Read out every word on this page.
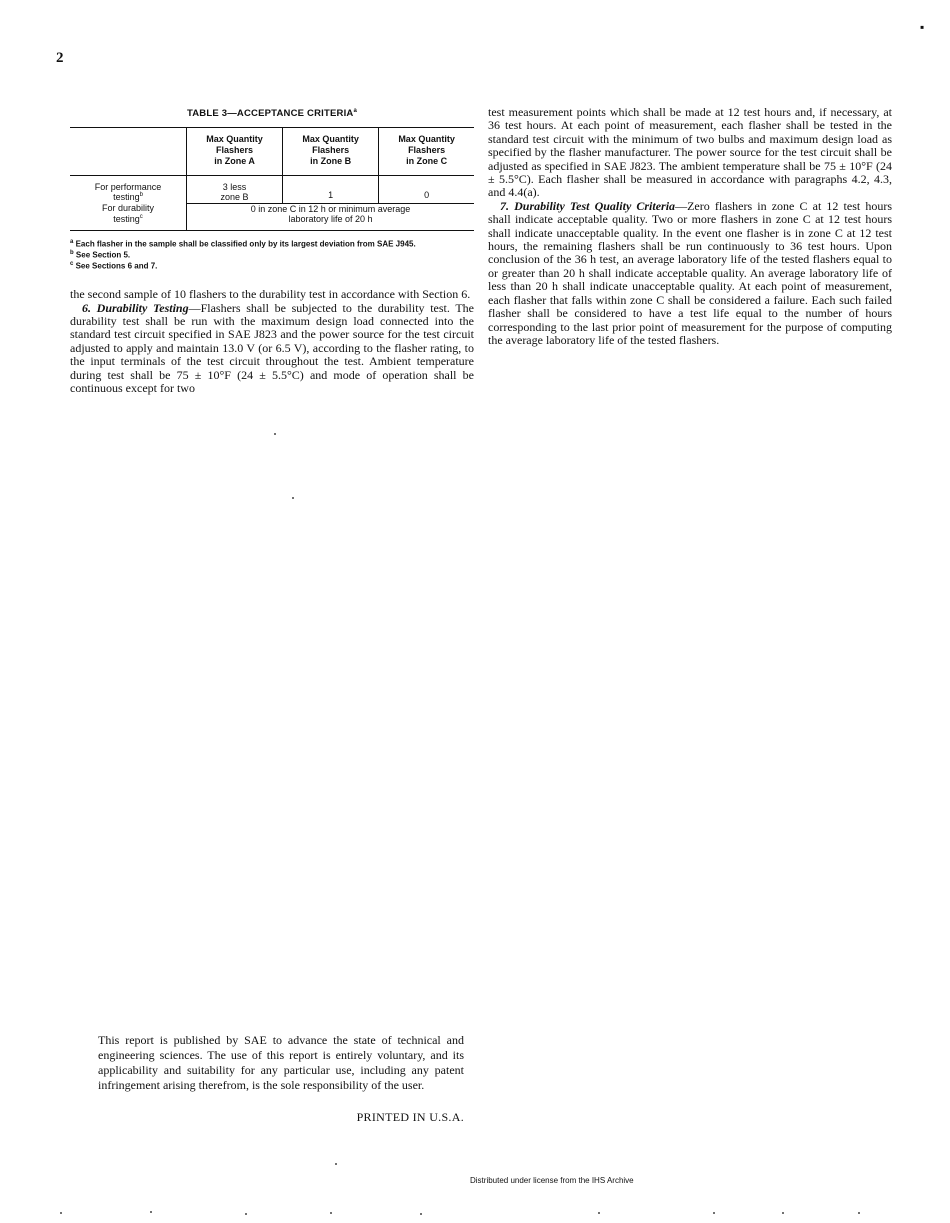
2
▪
TABLE 3—ACCEPTANCE CRITERIA$^a$
	Max Quantity
Flashers
in Zone A	Max Quantity
Flashers
in Zone B	Max Quantity
Flashers
in Zone C
For performance
testing$^b$	3 less
zone B	1	0
For durability
testing$^c$	0 in zone C in 12 h or minimum average
laboratory life of 20 h		

$^a$ Each flasher in the sample shall be classified only by its largest deviation from SAE J945.

$^b$ See Section 5.

$^c$ See Sections 6 and 7.

the second sample of 10 flashers to the durability test in accordance with Section 6.

6. Durability Testing—Flashers shall be subjected to the durability test. The durability test shall be run with the maximum design load connected into the standard test circuit specified in SAE J823 and the power source for the test circuit adjusted to apply and maintain 13.0 V (or 6.5 V), according to the flasher rating, to the input terminals of the test circuit throughout the test. Ambient temperature during test shall be 75 ± 10°F (24 ± 5.5°C) and mode of operation shall be continuous except for two

test measurement points which shall be made at 12 test hours and, if necessary, at 36 test hours. At each point of measurement, each flasher shall be tested in the standard test circuit with the minimum of two bulbs and maximum design load as specified by the flasher manufacturer. The power source for the test circuit shall be adjusted as specified in SAE J823. The ambient temperature shall be 75 ± 10°F (24 ± 5.5°C). Each flasher shall be measured in accordance with paragraphs 4.2, 4.3, and 4.4(a).

7. Durability Test Quality Criteria—Zero flashers in zone C at 12 test hours shall indicate acceptable quality. Two or more flashers in zone C at 12 test hours shall indicate unacceptable quality. In the event one flasher is in zone C at 12 test hours, the remaining flashers shall be run continuously to 36 test hours. Upon conclusion of the 36 h test, an average laboratory life of the tested flashers equal to or greater than 20 h shall indicate acceptable quality. An average laboratory life of less than 20 h shall indicate unacceptable quality. At each point of measurement, each flasher that falls within zone C shall be considered a failure. Each such failed flasher shall be considered to have a test life equal to the number of hours corresponding to the last prior point of measurement for the purpose of computing the average laboratory life of the tested flashers.

This report is published by SAE to advance the state of technical and engineering sciences. The use of this report is entirely voluntary, and its applicability and suitability for any particular use, including any patent infringement arising therefrom, is the sole responsibility of the user.
PRINTED IN U.S.A.
Distributed under license from the IHS Archive
